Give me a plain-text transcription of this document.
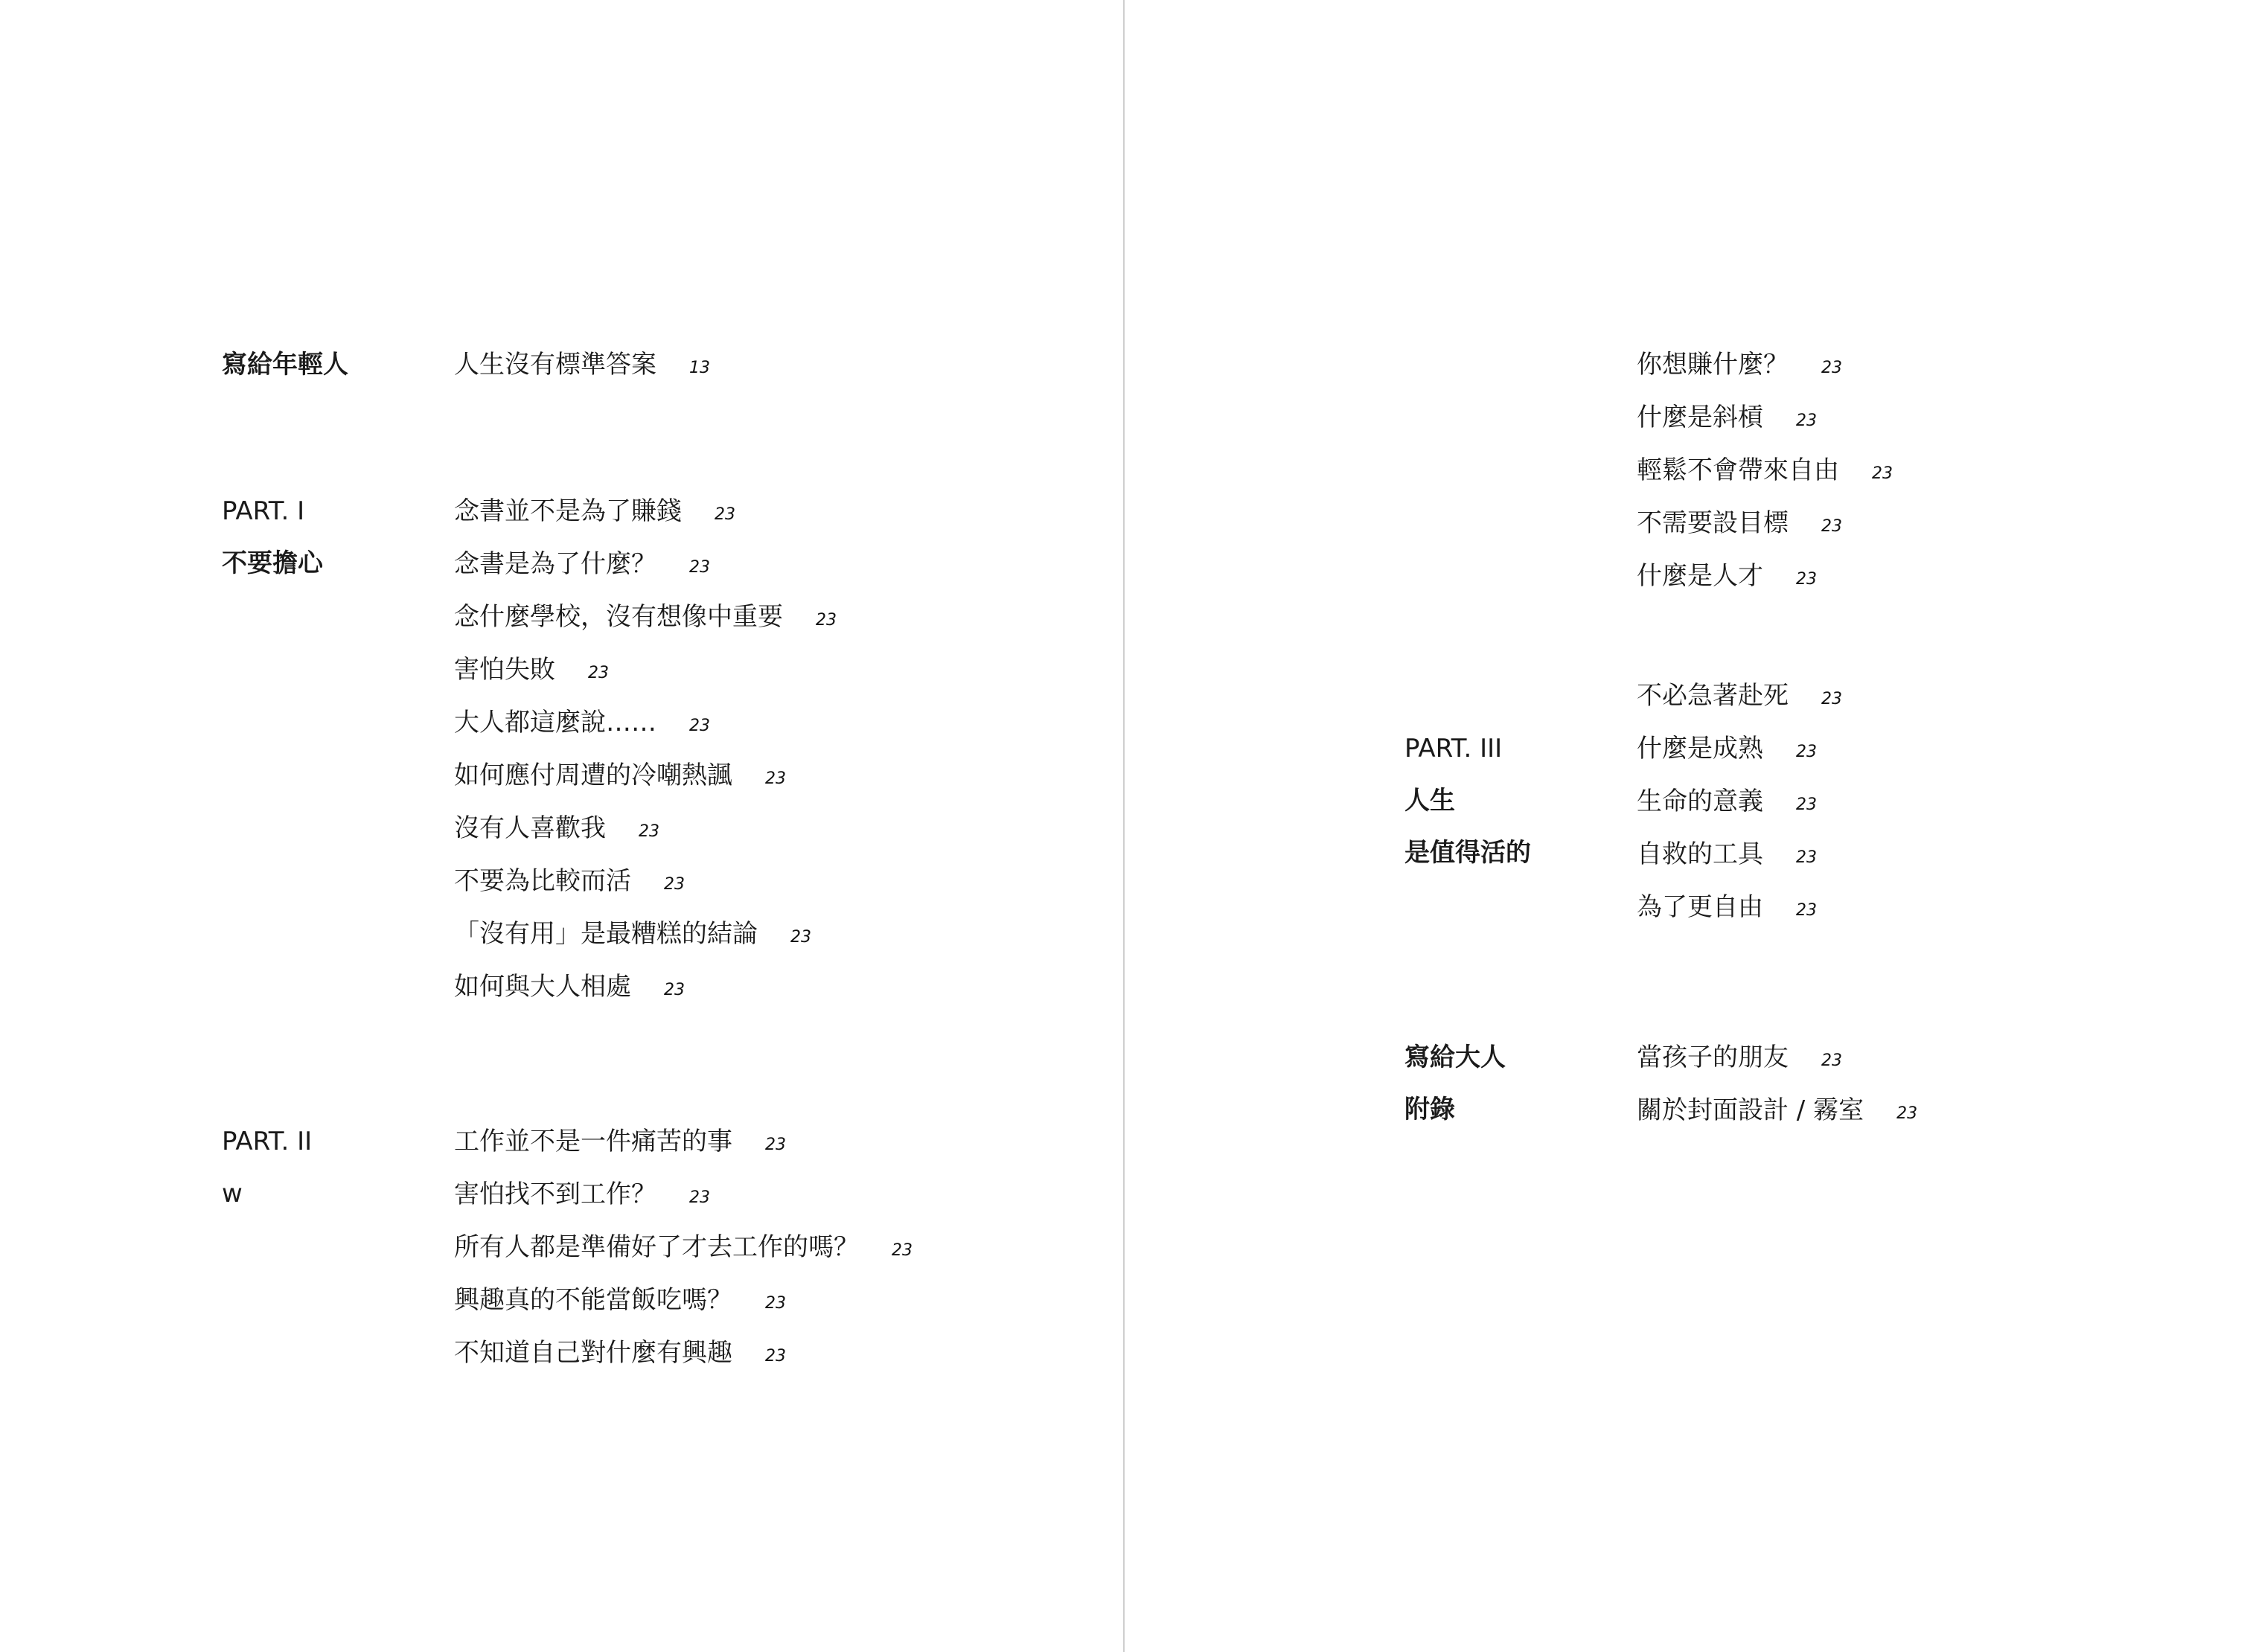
寫給年輕人	人生沒有標準答案 13
PART. I
不要擔心
念書並不是為了賺錢 23
念書是為了什麼？ 23
念什麼學校，沒有想像中重要 23
害怕失敗 23
大人都這麼說…… 23
如何應付周遭的冷嘲熱諷 23
沒有人喜歡我 23
不要為比較而活 23
「沒有用」是最糟糕的結論 23
如何與大人相處 23
PART. II
w
工作並不是一件痛苦的事 23
害怕找不到工作？ 23
所有人都是準備好了才去工作的嗎？ 23
興趣真的不能當飯吃嗎？ 23
不知道自己對什麼有興趣 23
你想賺什麼？ 23
什麼是斜槓 23
輕鬆不會帶來自由 23
不需要設目標 23
什麼是人才 23
PART. III
人生
是值得活的
不必急著赴死 23
什麼是成熟 23
生命的意義 23
自救的工具 23
為了更自由 23
寫給大人
附錄
當孩子的朋友 23
關於封面設計 / 霧室 23
